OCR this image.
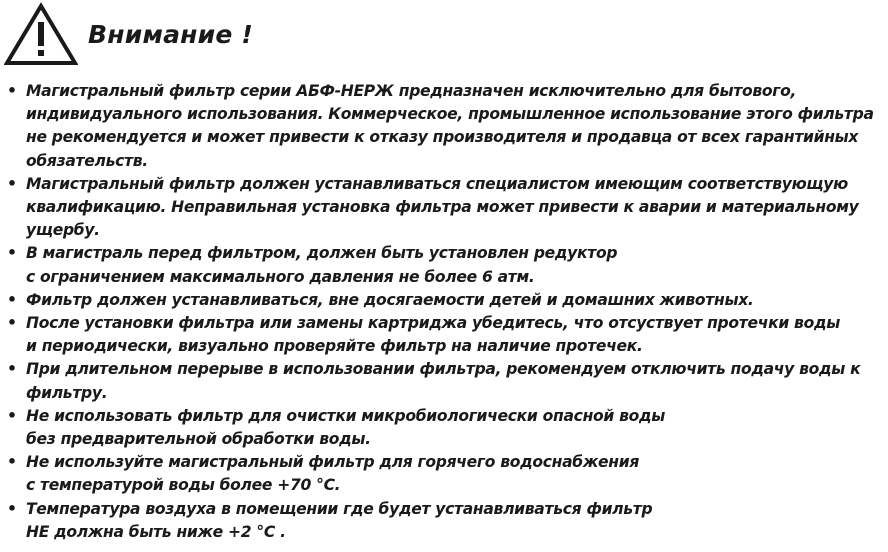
Внимание !
• Магистральный фильтр серии АБФ-НЕРЖ предназначен исключительно для бытового,
индивидуального использования. Коммерческое, промышленное использование этого фильтра
не рекомендуется и может привести к отказу производителя и продавца от всех гарантийных
обязательств.
• Магистральный фильтр должен устанавливаться специалистом имеющим соответствующую
квалификацию. Неправильная установка фильтра может привести к аварии и материальному
ущербу.
• В магистраль перед фильтром, должен быть установлен редуктор
с ограничением максимального давления не более 6 атм.
• Фильтр должен устанавливаться, вне досягаемости детей и домашних животных.
• После установки фильтра или замены картриджа убедитесь, что отсуствует протечки воды
и периодически, визуально проверяйте фильтр на наличие протечек.
• При длительном перерыве в использовании фильтра, рекомендуем отключить подачу воды к
фильтру.
• Не использовать фильтр для очистки микробиологически опасной воды
без предварительной обработки воды.
• Не используйте магистральный фильтр для горячего водоснабжения
с температурой воды более +70 °С.
• Температура воздуха в помещении где будет устанавливаться фильтр
НЕ должна быть ниже +2 °С .
